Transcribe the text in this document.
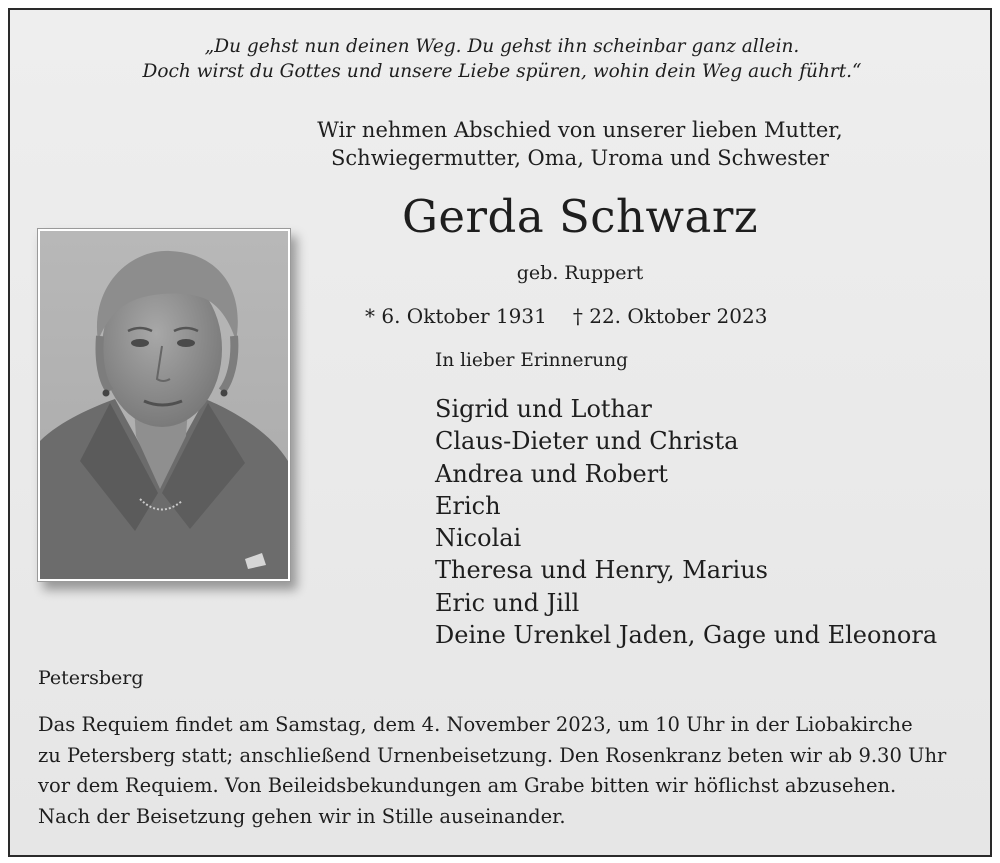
„Du gehst nun deinen Weg. Du gehst ihn scheinbar ganz allein.
Doch wirst du Gottes und unsere Liebe spüren, wohin dein Weg auch führt.“
Wir nehmen Abschied von unserer lieben Mutter,
Schwiegermutter, Oma, Uroma und Schwester
Gerda Schwarz
geb. Ruppert
* 6. Oktober 1931 † 22. Oktober 2023
In lieber Erinnerung
Sigrid und Lothar
Claus-Dieter und Christa
Andrea und Robert
Erich
Nicolai
Theresa und Henry, Marius
Eric und Jill
Deine Urenkel Jaden, Gage und Eleonora
Petersberg

Das Requiem findet am Samstag, dem 4. November 2023, um 10 Uhr in der Liobakirche
zu Petersberg statt; anschließend Urnenbeisetzung. Den Rosenkranz beten wir ab 9.30 Uhr
vor dem Requiem. Von Beileidsbekundungen am Grabe bitten wir höflichst abzusehen.
Nach der Beisetzung gehen wir in Stille auseinander.
